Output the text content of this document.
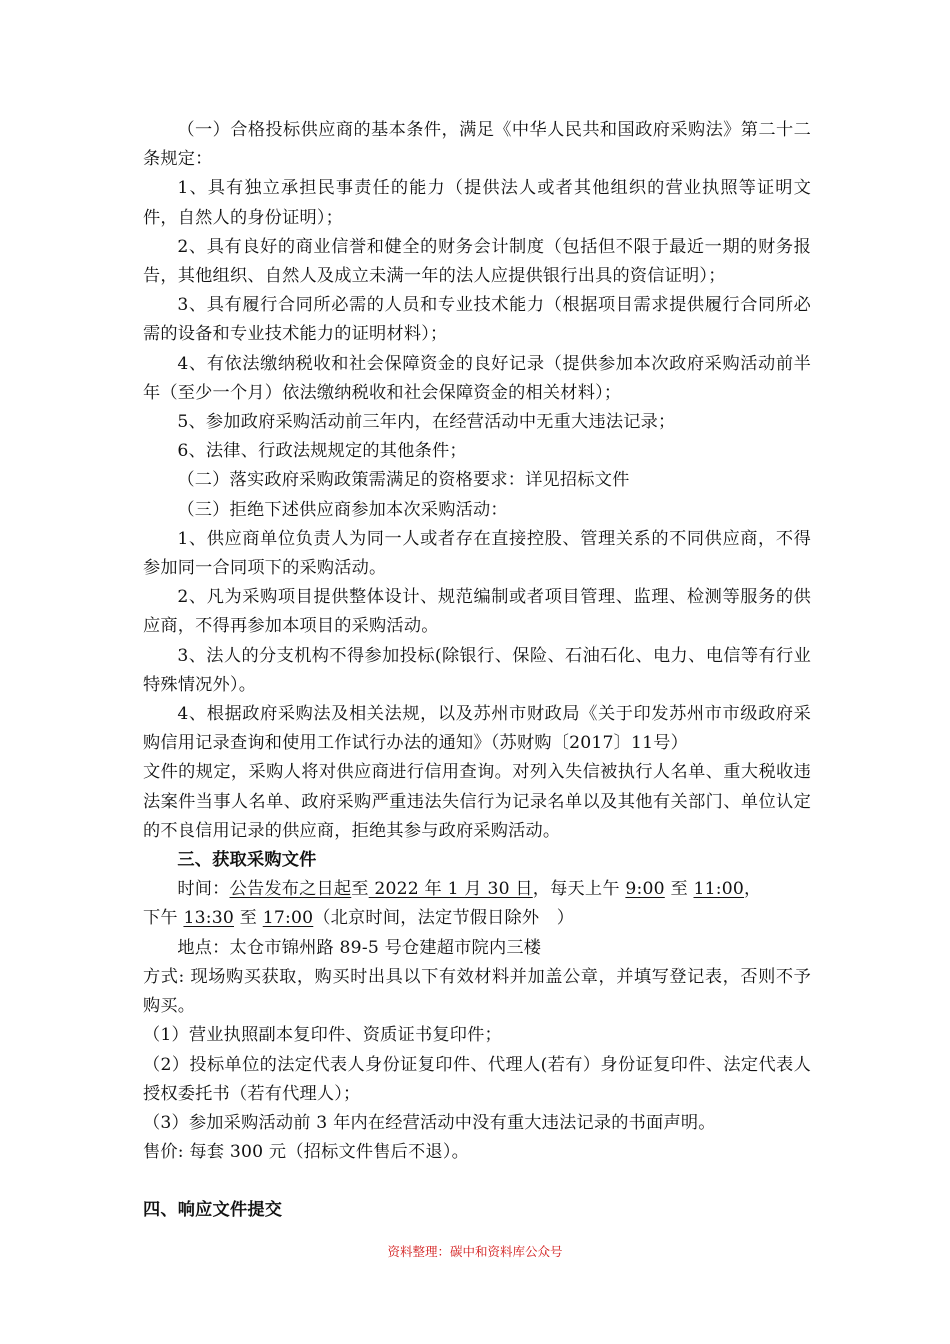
（一）合格投标供应商的基本条件，满足《中华人民共和国政府采购法》第二十二条规定：

1、具有独立承担民事责任的能力（提供法人或者其他组织的营业执照等证明文件，自然人的身份证明）；

2、具有良好的商业信誉和健全的财务会计制度（包括但不限于最近一期的财务报告，其他组织、自然人及成立未满一年的法人应提供银行出具的资信证明）；

3、具有履行合同所必需的人员和专业技术能力（根据项目需求提供履行合同所必需的设备和专业技术能力的证明材料）；

4、有依法缴纳税收和社会保障资金的良好记录（提供参加本次政府采购活动前半年（至少一个月）依法缴纳税收和社会保障资金的相关材料）；

5、参加政府采购活动前三年内，在经营活动中无重大违法记录；

6、法律、行政法规规定的其他条件；

（二）落实政府采购政策需满足的资格要求：详见招标文件

（三）拒绝下述供应商参加本次采购活动：

1、供应商单位负责人为同一人或者存在直接控股、管理关系的不同供应商，不得参加同一合同项下的采购活动。

2、凡为采购项目提供整体设计、规范编制或者项目管理、监理、检测等服务的供应商，不得再参加本项目的采购活动。

3、法人的分支机构不得参加投标(除银行、保险、石油石化、电力、电信等有行业特殊情况外）。

4、根据政府采购法及相关法规，以及苏州市财政局《关于印发苏州市市级政府采购信用记录查询和使用工作试行办法的通知》（苏财购〔2017〕11号）

文件的规定，采购人将对供应商进行信用查询。对列入失信被执行人名单、重大税收违法案件当事人名单、政府采购严重违法失信行为记录名单以及其他有关部门、单位认定的不良信用记录的供应商，拒绝其参与政府采购活动。

三、获取采购文件

时间：公告发布之日起至 2022 年 1 月 30 日，每天上午 9:00 至 11:00，

下午 13:30 至 17:00（北京时间，法定节假日除外　）

地点：太仓市锦州路 89-5 号仓建超市院内三楼

方式: 现场购买获取，购买时出具以下有效材料并加盖公章，并填写登记表，否则不予购买。

（1）营业执照副本复印件、资质证书复印件；

（2）投标单位的法定代表人身份证复印件、代理人(若有）身份证复印件、法定代表人授权委托书（若有代理人）；

（3）参加采购活动前 3 年内在经营活动中没有重大违法记录的书面声明。

售价: 每套 300 元（招标文件售后不退）。

四、响应文件提交

资料整理：碳中和资料库公众号
